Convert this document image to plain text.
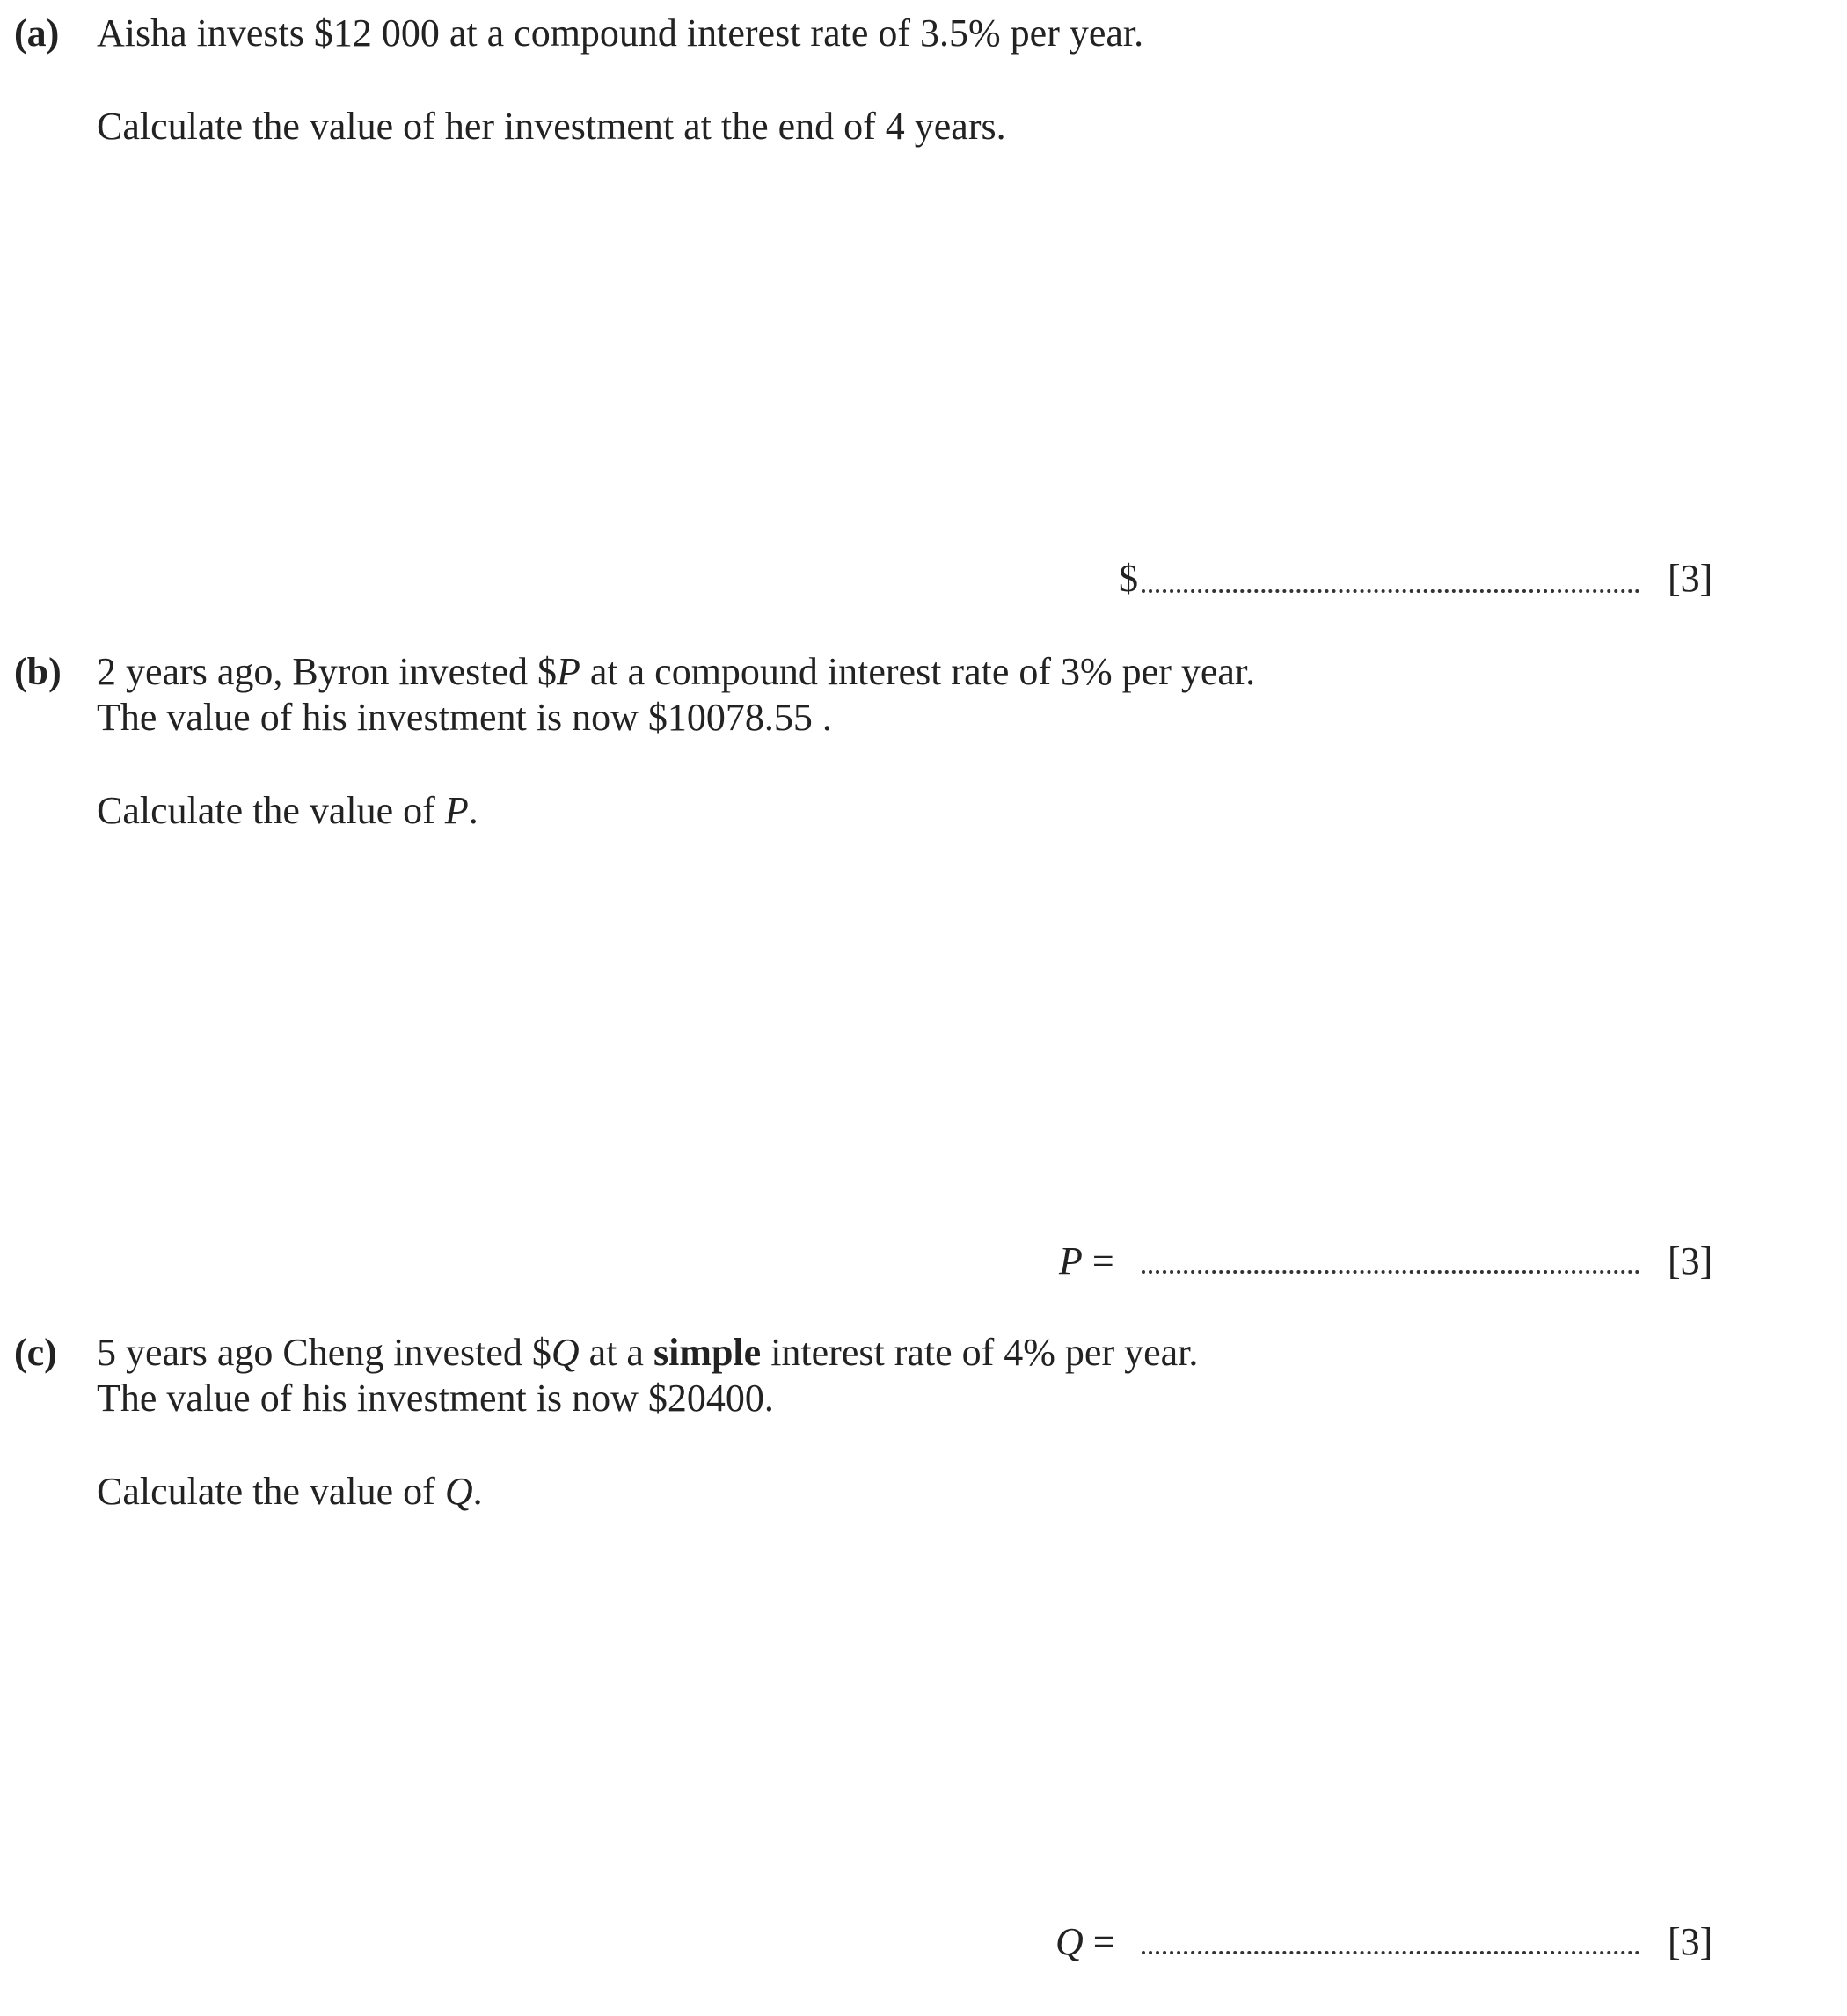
(a) Aisha invests $12 000 at a compound interest rate of 3.5% per year.
Calculate the value of her investment at the end of 4 years.
$	[3]
(b) 2 years ago, Byron invested $P at a compound interest rate of 3% per year.
The value of his investment is now $10078.55 .
Calculate the value of P.
P =	[3]
(c) 5 years ago Cheng invested $Q at a simple interest rate of 4% per year.
The value of his investment is now $20400.
Calculate the value of Q.
Q =	[3]
